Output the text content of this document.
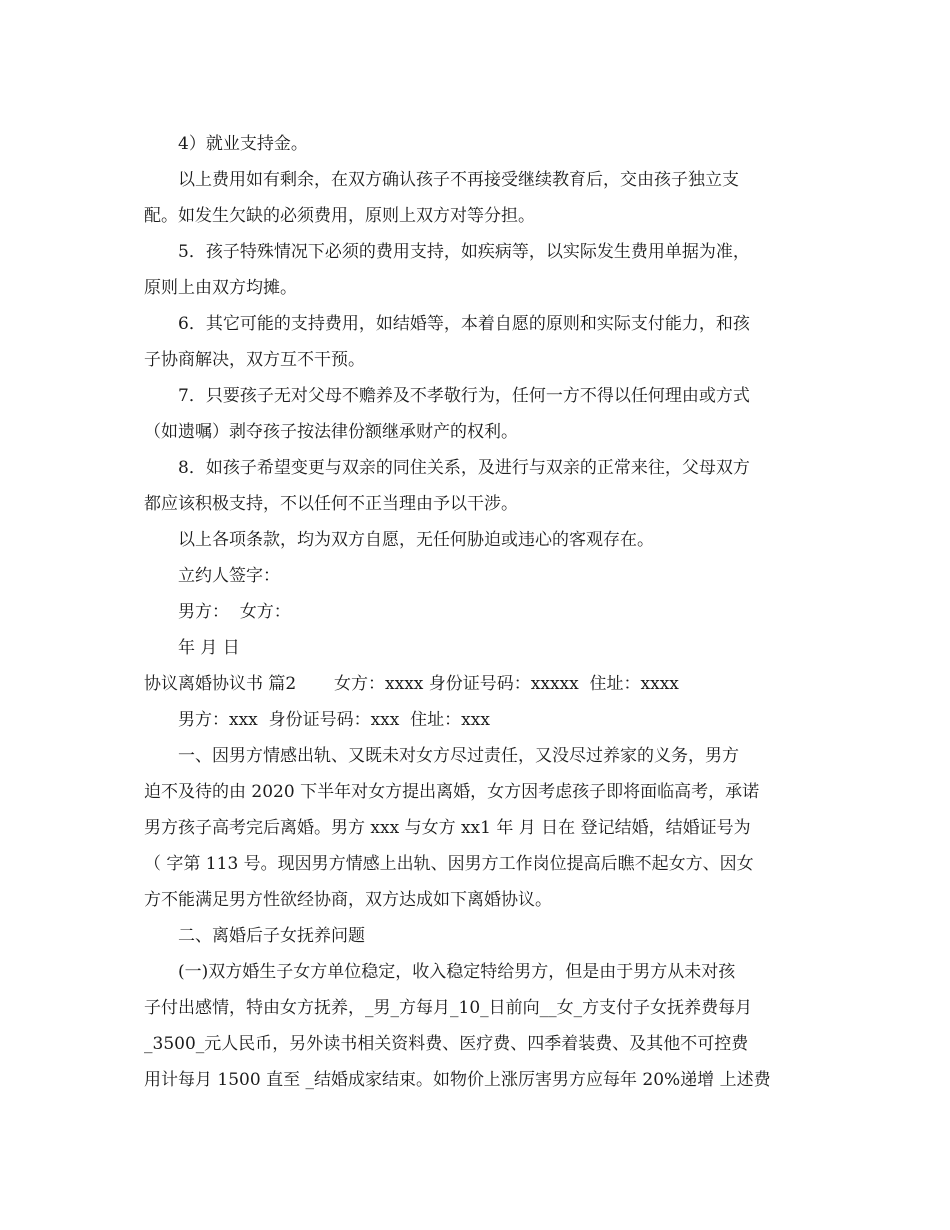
4）就业支持金。
以上费用如有剩余，在双方确认孩子不再接受继续教育后，交由孩子独立支
配。如发生欠缺的必须费用，原则上双方对等分担。
5．孩子特殊情况下必须的费用支持，如疾病等，以实际发生费用单据为准，
原则上由双方均摊。
6．其它可能的支持费用，如结婚等，本着自愿的原则和实际支付能力，和孩
子协商解决，双方互不干预。
7．只要孩子无对父母不赡养及不孝敬行为，任何一方不得以任何理由或方式
（如遗嘱）剥夺孩子按法律份额继承财产的权利。
8．如孩子希望变更与双亲的同住关系，及进行与双亲的正常来往，父母双方
都应该积极支持，不以任何不正当理由予以干涉。
以上各项条款，均为双方自愿，无任何胁迫或违心的客观存在。
立约人签字：
男方：  女方：
年 月 日
协议离婚协议书 篇2       女方：xxxx 身份证号码：xxxxx  住址：xxxx
男方：xxx  身份证号码：xxx  住址：xxx
一、因男方情感出轨、又既未对女方尽过责任，又没尽过养家的义务，男方
迫不及待的由 2020 下半年对女方提出离婚，女方因考虑孩子即将面临高考，承诺
男方孩子高考完后离婚。男方 xxx 与女方 xx1 年 月 日在 登记结婚，结婚证号为
（ 字第 113 号。现因男方情感上出轨、因男方工作岗位提高后瞧不起女方、因女
方不能满足男方性欲经协商，双方达成如下离婚协议。
二、离婚后子女抚养问题
(一)双方婚生子女方单位稳定，收入稳定特给男方，但是由于男方从未对孩
子付出感情，特由女方抚养，_男_方每月_10_日前向__女_方支付子女抚养费每月
_3500_元人民币，另外读书相关资料费、医疗费、四季着装费、及其他不可控费
用计每月 1500 直至 _结婚成家结束。如物价上涨厉害男方应每年 20%递增 上述费
